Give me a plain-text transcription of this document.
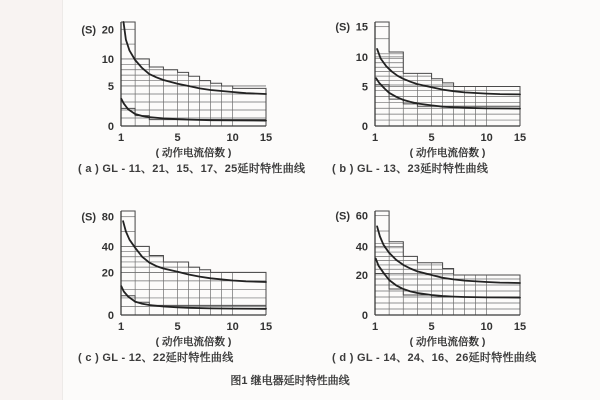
0
5
10
20
1	5	10 15
(S)
( 动作电流倍数 )
( a ) GL - 11、21、15、17、25延时特性曲线
0
5
10
15
1	5	10 15
(S)
( 动作电流倍数 )
( b ) GL - 13、23延时特性曲线
0
20
40
80
1	5	10 15
(S)
( 动作电流倍数 )
( c ) GL - 12、22延时特性曲线
0
20
40
60
1	5	10 15
(S)
( 动作电流倍数 )
( d ) GL - 14、24、16、26延时特性曲线
图1 继电器延时特性曲线
